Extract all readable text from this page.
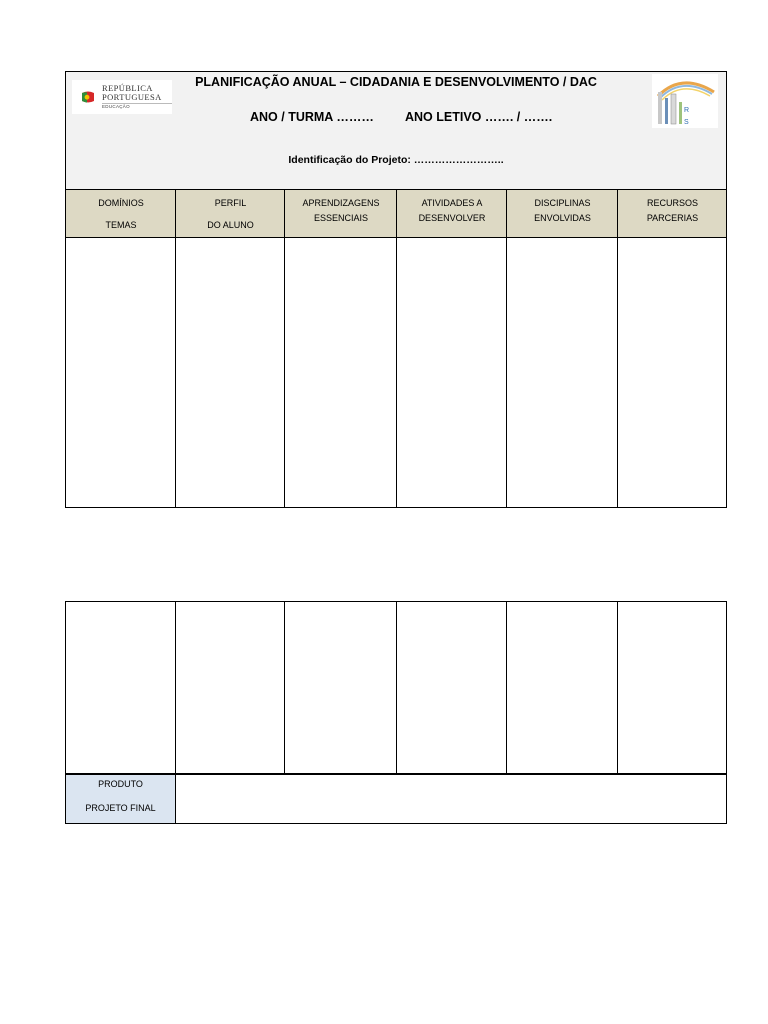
REPÚBLICA
PORTUGUESA
EDUCAÇÃO
PLANIFICAÇÃO ANUAL – CIDADANIA E DESENVOLVIMENTO / DAC
ANO / TURMA ……… ANO LETIVO ……. / …….
Identificação do Projeto: ……………………..
R
S
DOMÍNIOS
TEMAS
PERFIL
DO ALUNO
APRENDIZAGENS
ESSENCIAIS
ATIVIDADES A
DESENVOLVER
DISCIPLINAS
ENVOLVIDAS
RECURSOS
PARCERIAS
PRODUTO
PROJETO FINAL
